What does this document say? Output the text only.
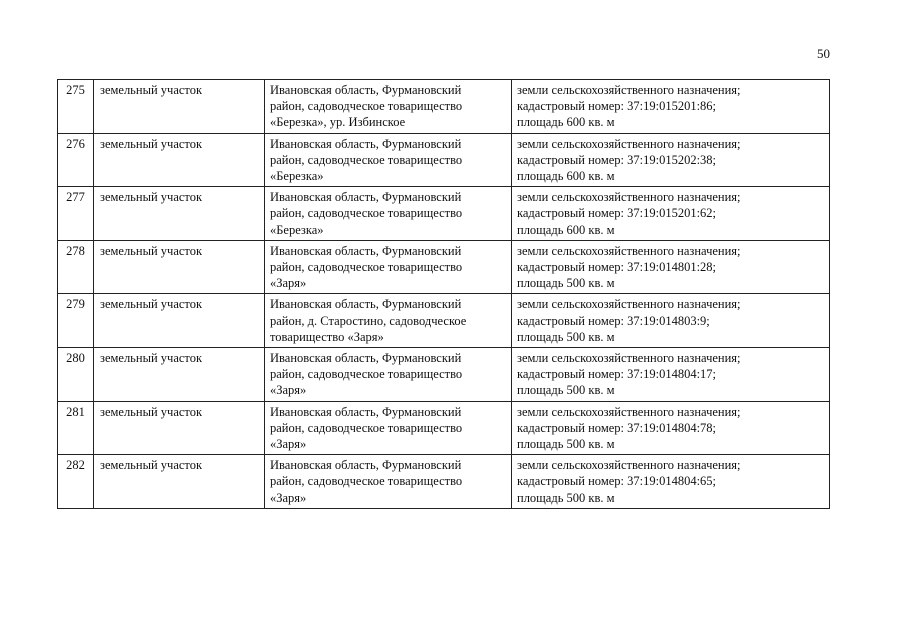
50
275	земельный участок	Ивановская область, Фурмановский
район, садоводческое товарищество
«Березка», ур. Избинское	земли сельскохозяйственного назначения;
кадастровый номер: 37:19:015201:86;
площадь 600 кв. м

276	земельный участок	Ивановская область, Фурмановский
район, садоводческое товарищество
«Березка»	земли сельскохозяйственного назначения;
кадастровый номер: 37:19:015202:38;
площадь 600 кв. м

277	земельный участок	Ивановская область, Фурмановский
район, садоводческое товарищество
«Березка»	земли сельскохозяйственного назначения;
кадастровый номер: 37:19:015201:62;
площадь 600 кв. м

278	земельный участок	Ивановская область, Фурмановский
район, садоводческое товарищество
«Заря»	земли сельскохозяйственного назначения;
кадастровый номер: 37:19:014801:28;
площадь 500 кв. м

279	земельный участок	Ивановская область, Фурмановский
район, д. Старостино, садоводческое
товарищество «Заря»	земли сельскохозяйственного назначения;
кадастровый номер: 37:19:014803:9;
площадь 500 кв. м

280	земельный участок	Ивановская область, Фурмановский
район, садоводческое товарищество
«Заря»	земли сельскохозяйственного назначения;
кадастровый номер: 37:19:014804:17;
площадь 500 кв. м

281	земельный участок	Ивановская область, Фурмановский
район, садоводческое товарищество
«Заря»	земли сельскохозяйственного назначения;
кадастровый номер: 37:19:014804:78;
площадь 500 кв. м

282	земельный участок	Ивановская область, Фурмановский
район, садоводческое товарищество
«Заря»	земли сельскохозяйственного назначения;
кадастровый номер: 37:19:014804:65;
площадь 500 кв. м
